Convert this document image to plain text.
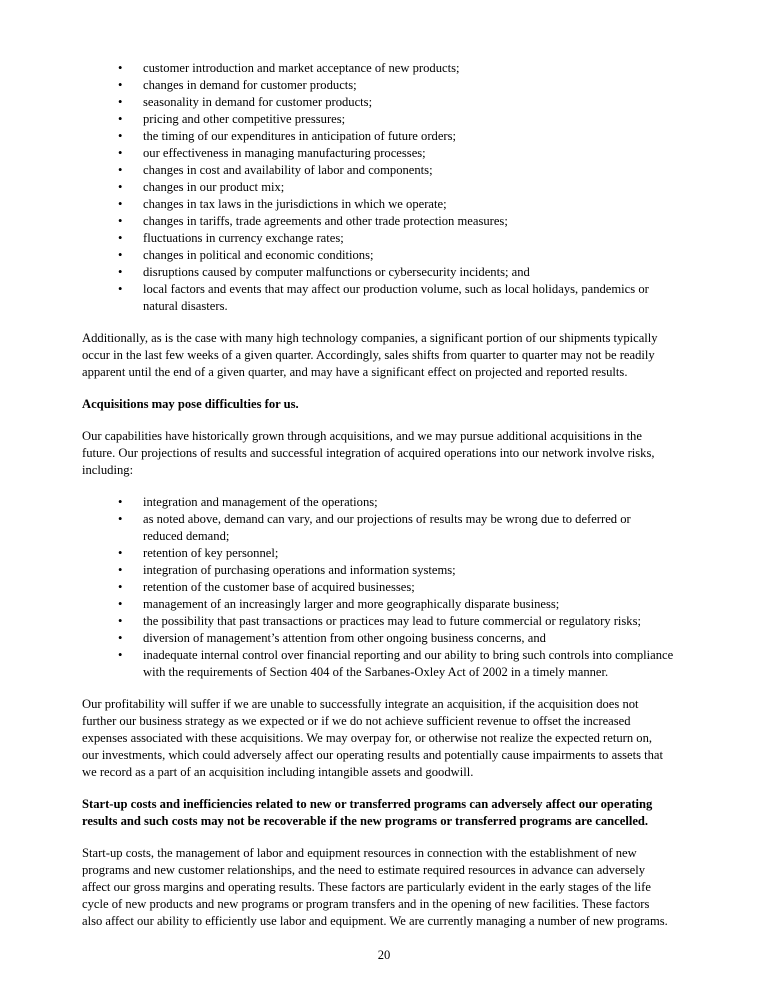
• customer introduction and market acceptance of new products;
• changes in demand for customer products;
• seasonality in demand for customer products;
• pricing and other competitive pressures;
• the timing of our expenditures in anticipation of future orders;
• our effectiveness in managing manufacturing processes;
• changes in cost and availability of labor and components;
• changes in our product mix;
• changes in tax laws in the jurisdictions in which we operate;
• changes in tariffs, trade agreements and other trade protection measures;
• fluctuations in currency exchange rates;
• changes in political and economic conditions;
• disruptions caused by computer malfunctions or cybersecurity incidents; and
• local factors and events that may affect our production volume, such as local holidays, pandemics or
natural disasters.
Additionally, as is the case with many high technology companies, a significant portion of our shipments typically
occur in the last few weeks of a given quarter. Accordingly, sales shifts from quarter to quarter may not be readily
apparent until the end of a given quarter, and may have a significant effect on projected and reported results.
Acquisitions may pose difficulties for us.
Our capabilities have historically grown through acquisitions, and we may pursue additional acquisitions in the
future. Our projections of results and successful integration of acquired operations into our network involve risks,
including:
• integration and management of the operations;
• as noted above, demand can vary, and our projections of results may be wrong due to deferred or
reduced demand;
• retention of key personnel;
• integration of purchasing operations and information systems;
• retention of the customer base of acquired businesses;
• management of an increasingly larger and more geographically disparate business;
• the possibility that past transactions or practices may lead to future commercial or regulatory risks;
• diversion of management’s attention from other ongoing business concerns, and
• inadequate internal control over financial reporting and our ability to bring such controls into compliance
with the requirements of Section 404 of the Sarbanes-Oxley Act of 2002 in a timely manner.
Our profitability will suffer if we are unable to successfully integrate an acquisition, if the acquisition does not
further our business strategy as we expected or if we do not achieve sufficient revenue to offset the increased
expenses associated with these acquisitions. We may overpay for, or otherwise not realize the expected return on,
our investments, which could adversely affect our operating results and potentially cause impairments to assets that
we record as a part of an acquisition including intangible assets and goodwill.
Start-up costs and inefficiencies related to new or transferred programs can adversely affect our operating
results and such costs may not be recoverable if the new programs or transferred programs are cancelled.
Start-up costs, the management of labor and equipment resources in connection with the establishment of new
programs and new customer relationships, and the need to estimate required resources in advance can adversely
affect our gross margins and operating results. These factors are particularly evident in the early stages of the life
cycle of new products and new programs or program transfers and in the opening of new facilities. These factors
also affect our ability to efficiently use labor and equipment. We are currently managing a number of new programs.
20
